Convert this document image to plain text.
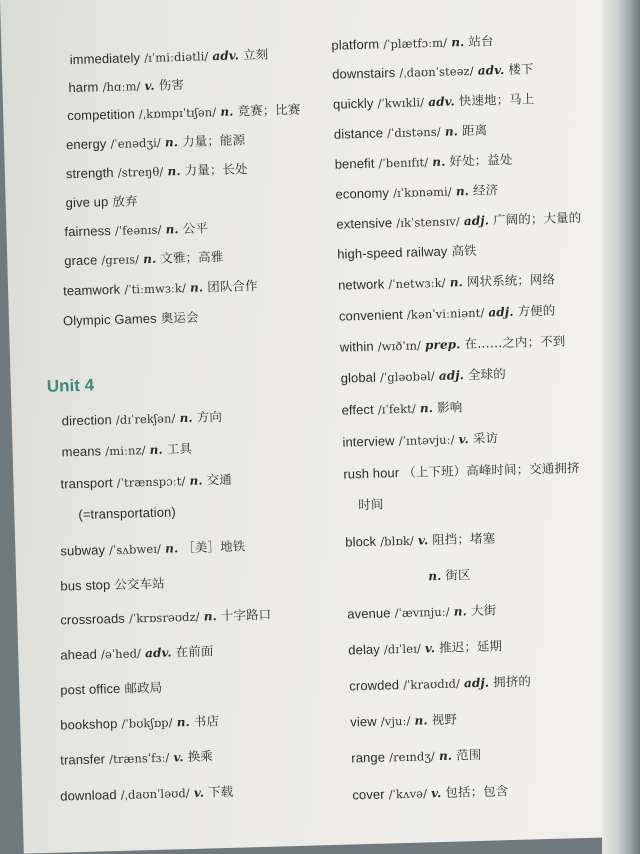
immediately /ɪˈmiːdiətli/ adv. 立刻
harm /hɑːm/ v. 伤害
competition /ˌkɒmpɪˈtɪʃən/ n. 竞赛；比赛
energy /ˈenədʒi/ n. 力量；能源
strength /streŋθ/ n. 力量；长处
give up 放弃
fairness /ˈfeənɪs/ n. 公平
grace /greɪs/ n. 文雅；高雅
teamwork /ˈtiːmwɜːk/ n. 团队合作
Olympic Games 奥运会
Unit 4
direction /dɪˈrekʃən/ n. 方向
means /miːnz/ n. 工具
transport /ˈtrænspɔːt/ n. 交通
(=transportation)
subway /ˈsʌbweɪ/ n. ［美］地铁
bus stop 公交车站
crossroads /ˈkrɒsrəʊdz/ n. 十字路口
ahead /əˈhed/ adv. 在前面
post office 邮政局
bookshop /ˈbʊkʃɒp/ n. 书店
transfer /trænsˈfɜː/ v. 换乘
download /ˌdaʊnˈləʊd/ v. 下载
platform /ˈplætfɔːm/ n. 站台
downstairs /ˌdaʊnˈsteəz/ adv. 楼下
quickly /ˈkwɪkli/ adv. 快速地；马上
distance /ˈdɪstəns/ n. 距离
benefit /ˈbenɪfɪt/ n. 好处；益处
economy /ɪˈkɒnəmi/ n. 经济
extensive /ɪkˈstensɪv/ adj. 广阔的；大量的
high-speed railway 高铁
network /ˈnetwɜːk/ n. 网状系统；网络
convenient /kənˈviːniənt/ adj. 方便的
within /wɪðˈɪn/ prep. 在……之内；不到
global /ˈgləʊbəl/ adj. 全球的
effect /ɪˈfekt/ n. 影响
interview /ˈɪntəvjuː/ v. 采访
rush hour （上下班）高峰时间；交通拥挤
时间
block /blɒk/ v. 阻挡；堵塞
n. 街区
avenue /ˈævɪnjuː/ n. 大街
delay /dɪˈleɪ/ v. 推迟；延期
crowded /ˈkraʊdɪd/ adj. 拥挤的
view /vjuː/ n. 视野
range /reɪndʒ/ n. 范围
cover /ˈkʌvə/ v. 包括；包含
